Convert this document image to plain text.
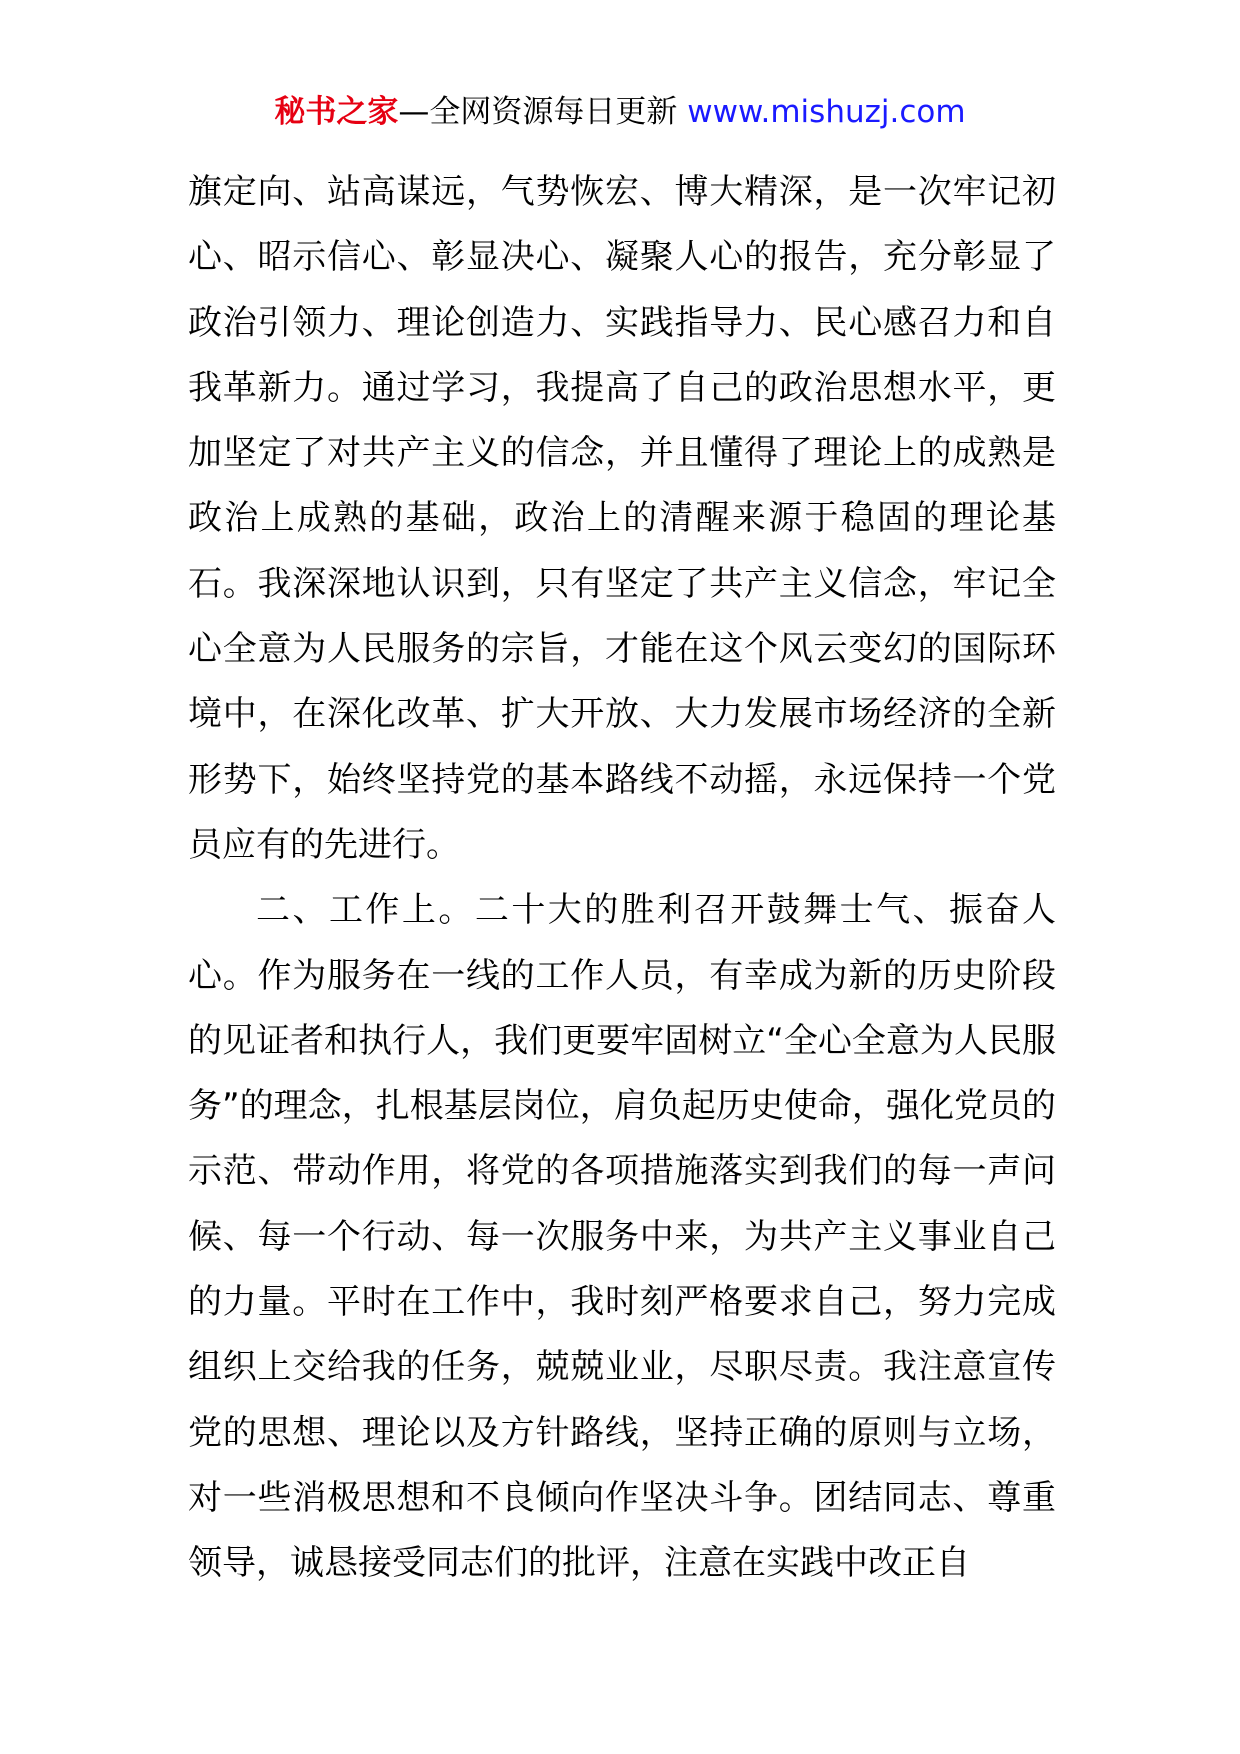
秘书之家—全网资源每日更新 www.mishuzj.com

旗定向、站高谋远，气势恢宏、博大精深，是一次牢记初心、昭示信心、彰显决心、凝聚人心的报告，充分彰显了政治引领力、理论创造力、实践指导力、民心感召力和自我革新力。通过学习，我提高了自己的政治思想水平，更加坚定了对共产主义的信念，并且懂得了理论上的成熟是政治上成熟的基础，政治上的清醒来源于稳固的理论基石。我深深地认识到，只有坚定了共产主义信念，牢记全心全意为人民服务的宗旨，才能在这个风云变幻的国际环境中，在深化改革、扩大开放、大力发展市场经济的全新形势下，始终坚持党的基本路线不动摇，永远保持一个党员应有的先进行。

二、工作上。二十大的胜利召开鼓舞士气、振奋人心。作为服务在一线的工作人员，有幸成为新的历史阶段的见证者和执行人，我们更要牢固树立“全心全意为人民服务”的理念，扎根基层岗位，肩负起历史使命，强化党员的示范、带动作用，将党的各项措施落实到我们的每一声问候、每一个行动、每一次服务中来，为共产主义事业自己的力量。平时在工作中，我时刻严格要求自己，努力完成组织上交给我的任务，兢兢业业，尽职尽责。我注意宣传党的思想、理论以及方针路线，坚持正确的原则与立场，对一些消极思想和不良倾向作坚决斗争。团结同志、尊重领导，诚恳接受同志们的批评，注意在实践中改正自
